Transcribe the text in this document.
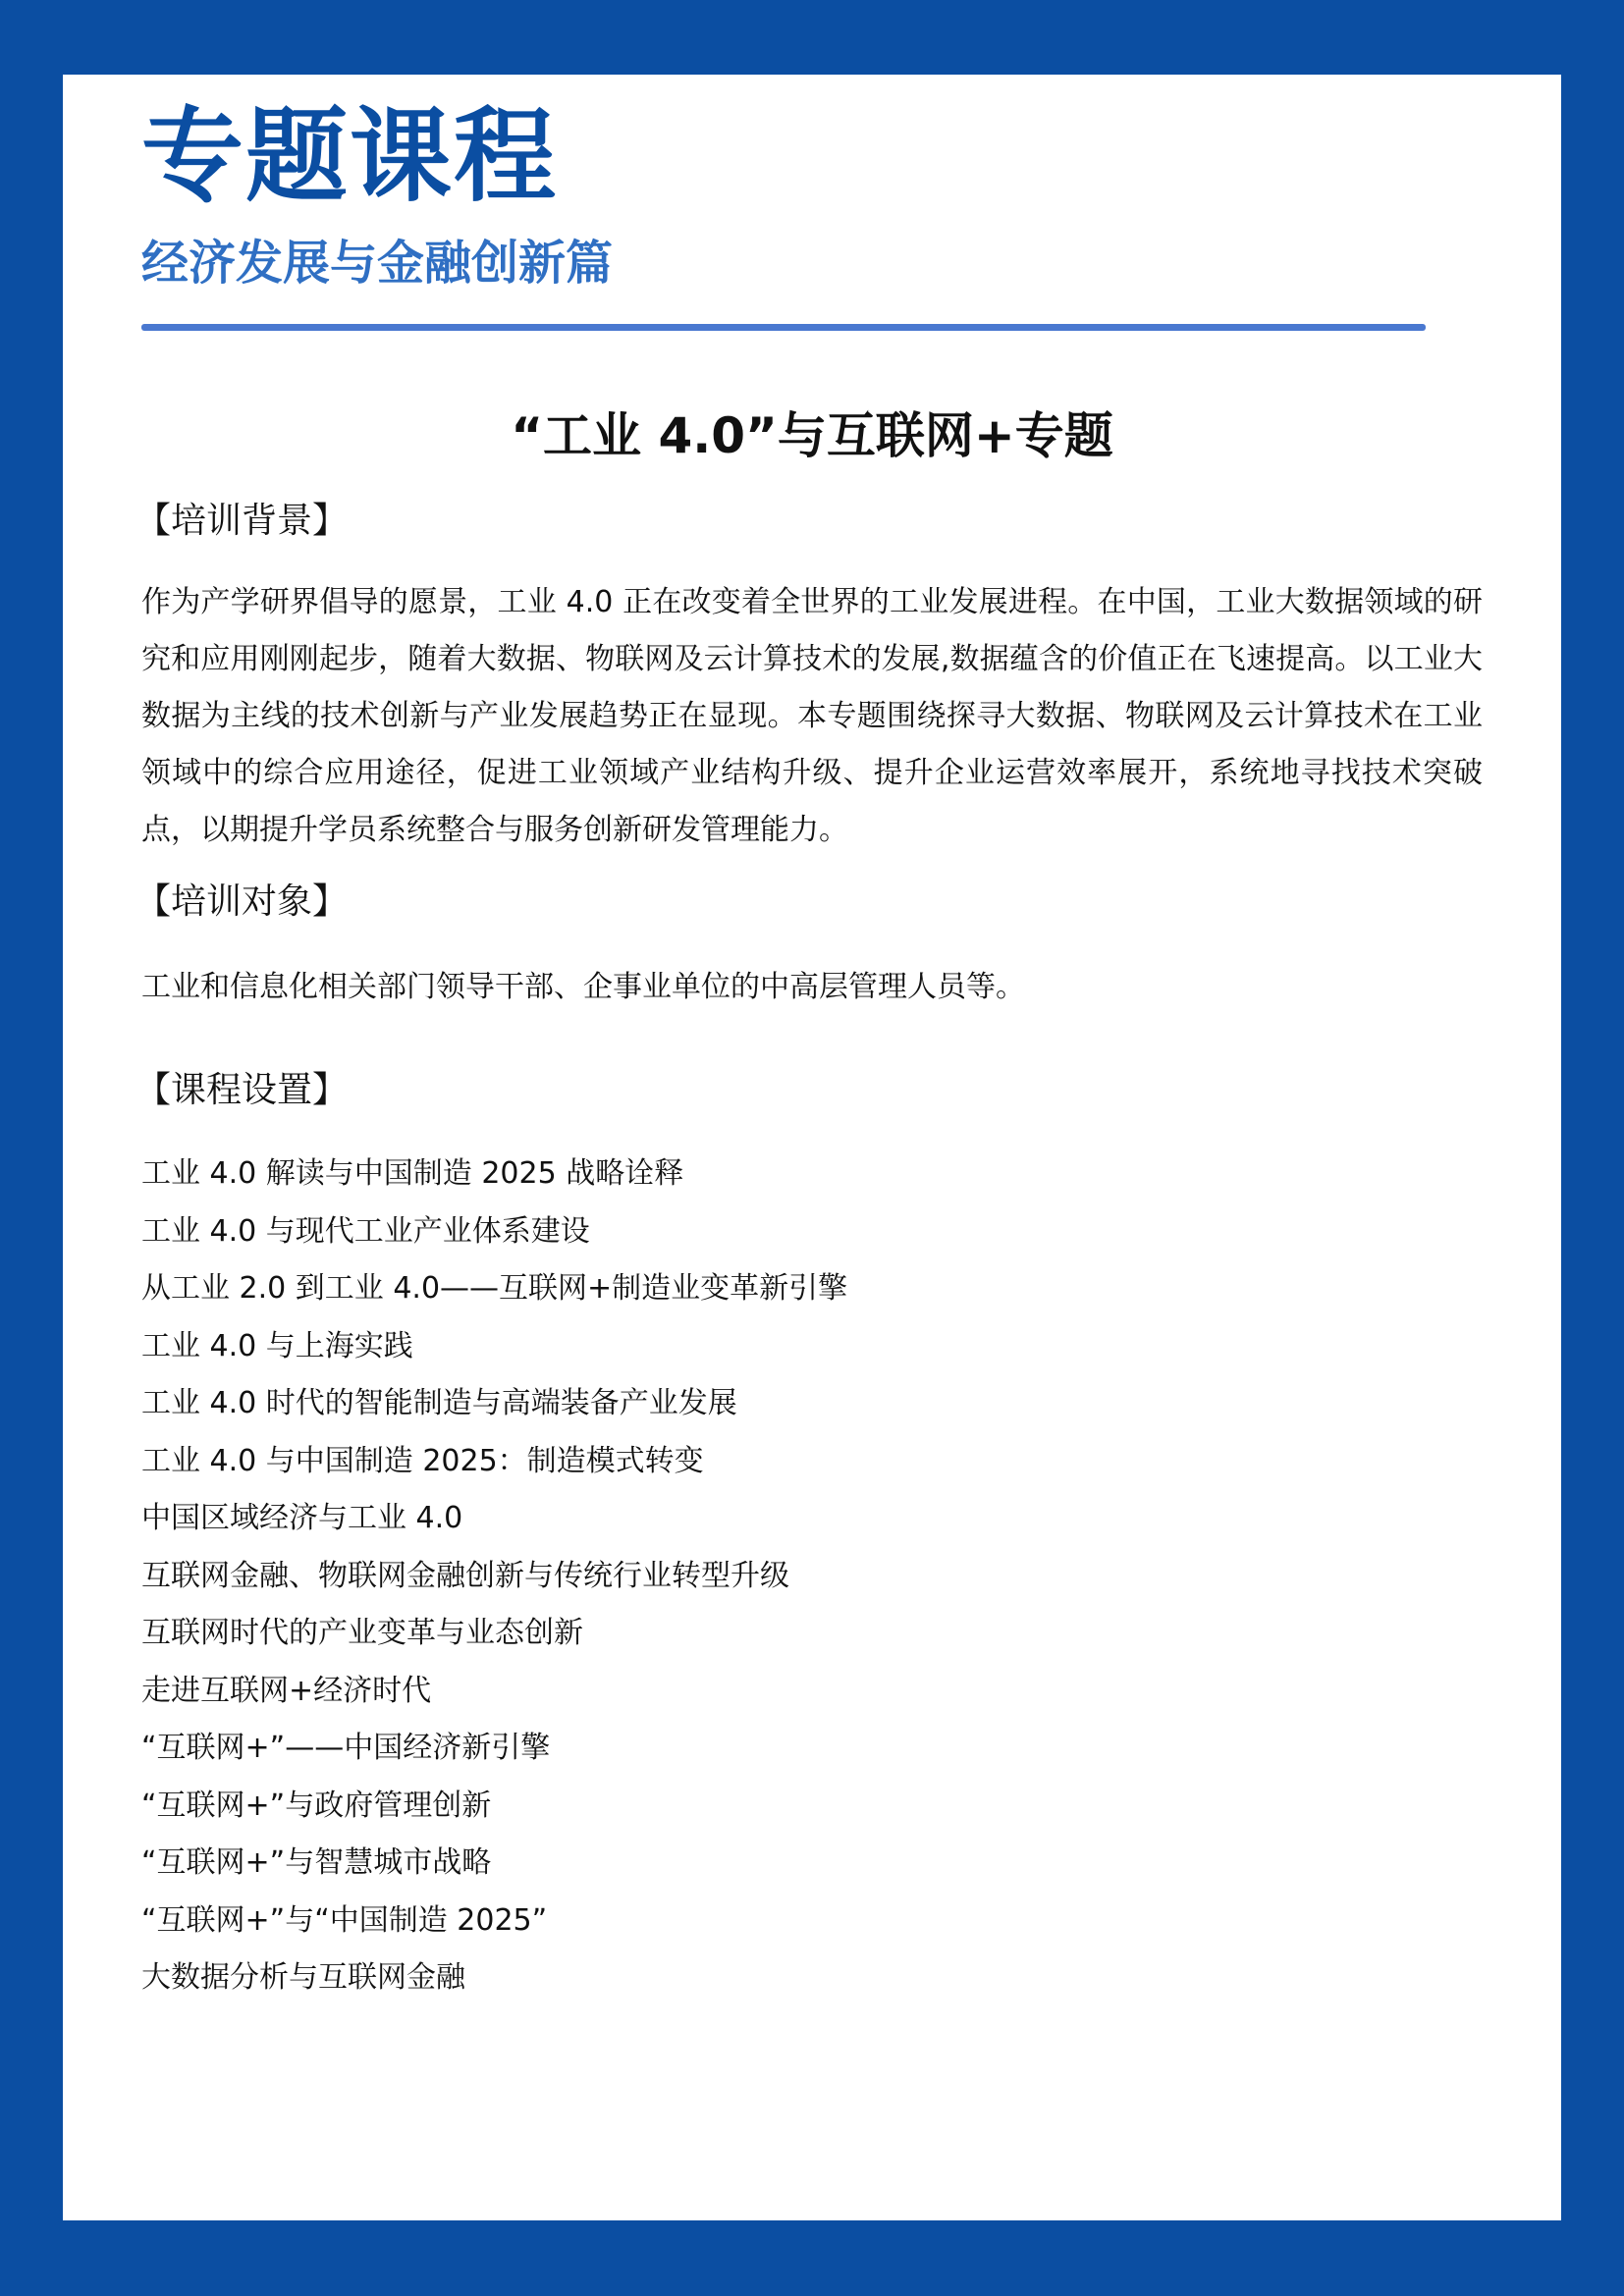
专题课程
经济发展与金融创新篇
“工业 4.0”与互联网+专题
【培训背景】
作为产学研界倡导的愿景，工业 4.0 正在改变着全世界的工业发展进程。在中国，工业大数据领域的研究和应用刚刚起步，随着大数据、物联网及云计算技术的发展,数据蕴含的价值正在飞速提高。以工业大数据为主线的技术创新与产业发展趋势正在显现。本专题围绕探寻大数据、物联网及云计算技术在工业领域中的综合应用途径，促进工业领域产业结构升级、提升企业运营效率展开，系统地寻找技术突破点，以期提升学员系统整合与服务创新研发管理能力。
【培训对象】
工业和信息化相关部门领导干部、企事业单位的中高层管理人员等。
【课程设置】
工业 4.0 解读与中国制造 2025 战略诠释
工业 4.0 与现代工业产业体系建设
从工业 2.0 到工业 4.0——互联网+制造业变革新引擎
工业 4.0 与上海实践
工业 4.0 时代的智能制造与高端装备产业发展
工业 4.0 与中国制造 2025：制造模式转变
中国区域经济与工业 4.0
互联网金融、物联网金融创新与传统行业转型升级
互联网时代的产业变革与业态创新
走进互联网+经济时代
“互联网+”——中国经济新引擎
“互联网+”与政府管理创新
“互联网+”与智慧城市战略
“互联网+”与“中国制造 2025”
大数据分析与互联网金融
